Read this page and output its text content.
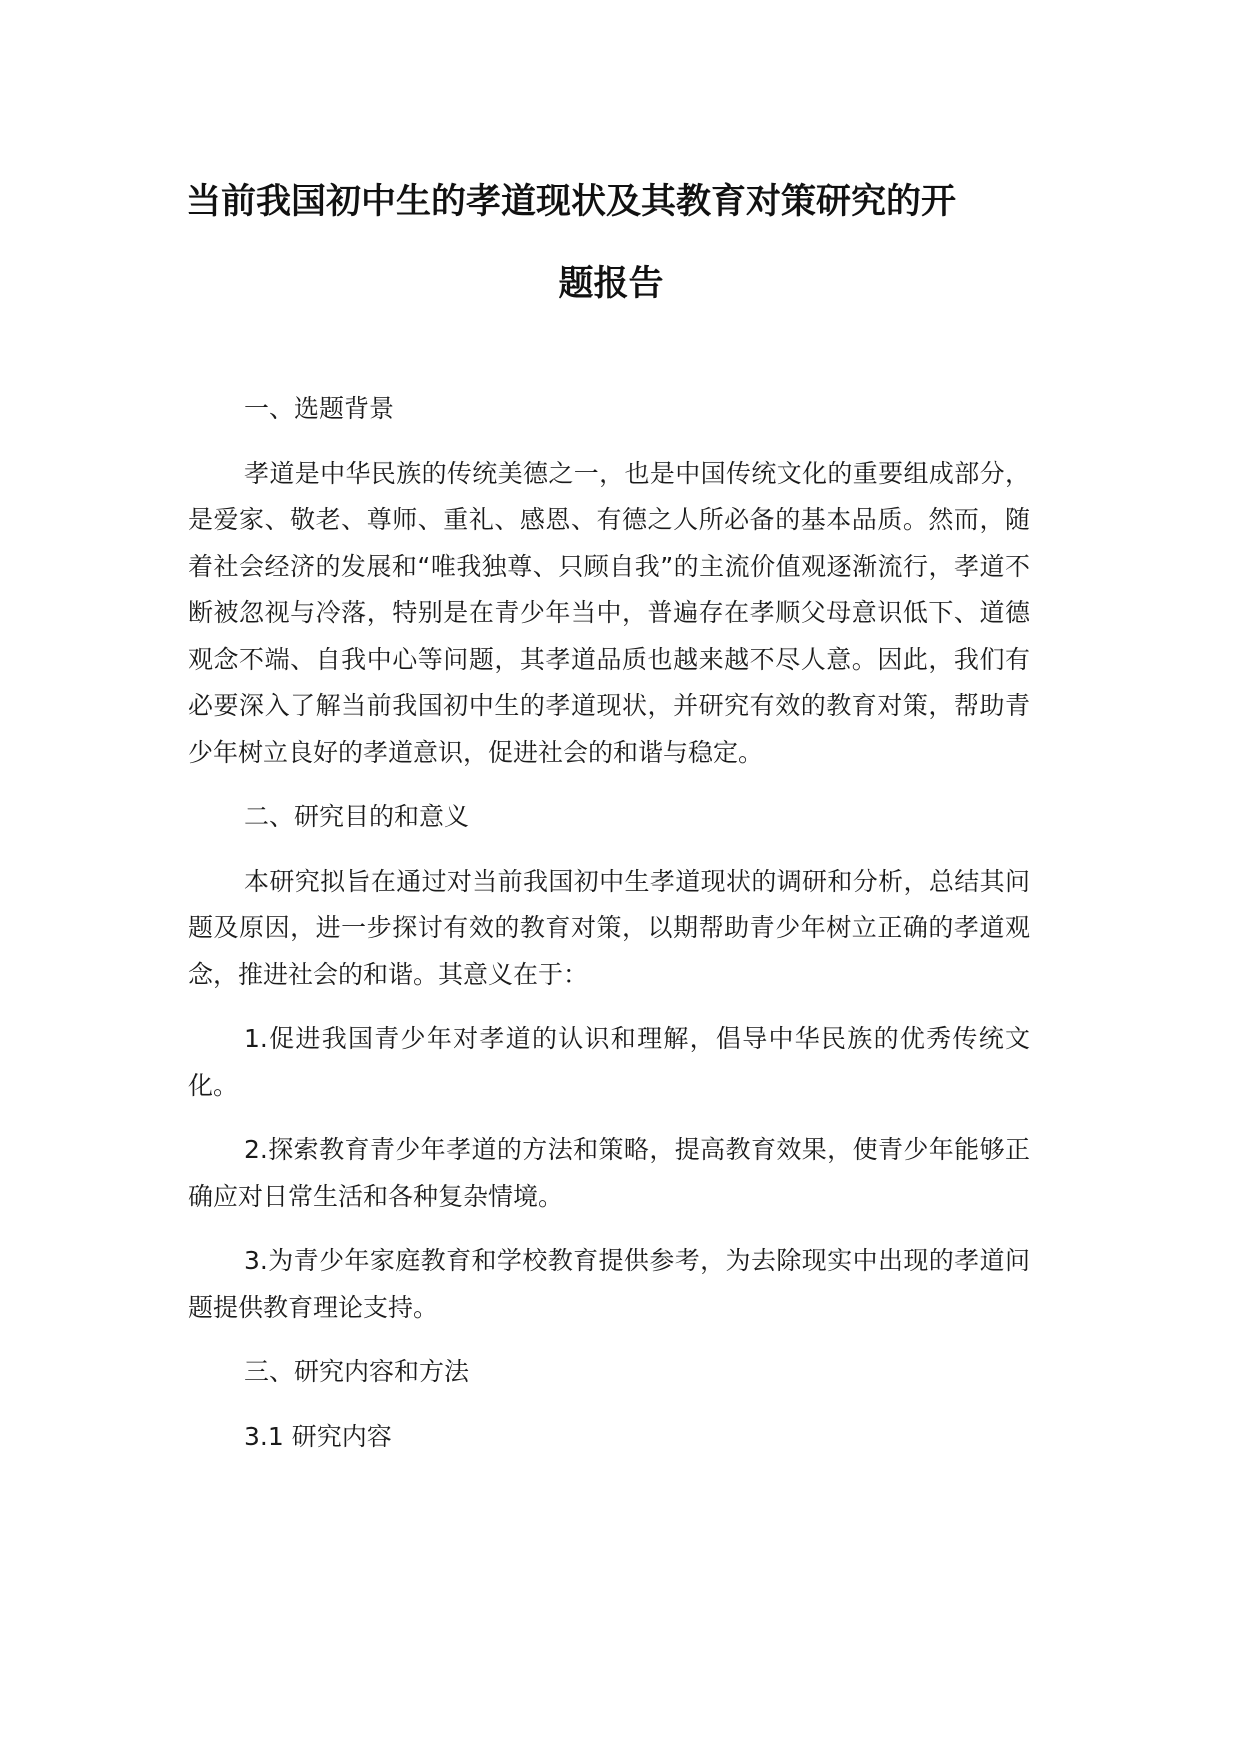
当前我国初中生的孝道现状及其教育对策研究的开
题报告

一、选题背景

孝道是中华民族的传统美德之一，也是中国传统文化的重要组成部分，是爱家、敬老、尊师、重礼、感恩、有德之人所必备的基本品质。然而，随着社会经济的发展和“唯我独尊、只顾自我”的主流价值观逐渐流行，孝道不断被忽视与冷落，特别是在青少年当中，普遍存在孝顺父母意识低下、道德观念不端、自我中心等问题，其孝道品质也越来越不尽人意。因此，我们有必要深入了解当前我国初中生的孝道现状，并研究有效的教育对策，帮助青少年树立良好的孝道意识，促进社会的和谐与稳定。

二、研究目的和意义

本研究拟旨在通过对当前我国初中生孝道现状的调研和分析，总结其问题及原因，进一步探讨有效的教育对策，以期帮助青少年树立正确的孝道观念，推进社会的和谐。其意义在于：

1.促进我国青少年对孝道的认识和理解，倡导中华民族的优秀传统文化。

2.探索教育青少年孝道的方法和策略，提高教育效果，使青少年能够正确应对日常生活和各种复杂情境。

3.为青少年家庭教育和学校教育提供参考，为去除现实中出现的孝道问题提供教育理论支持。

三、研究内容和方法

3.1 研究内容
